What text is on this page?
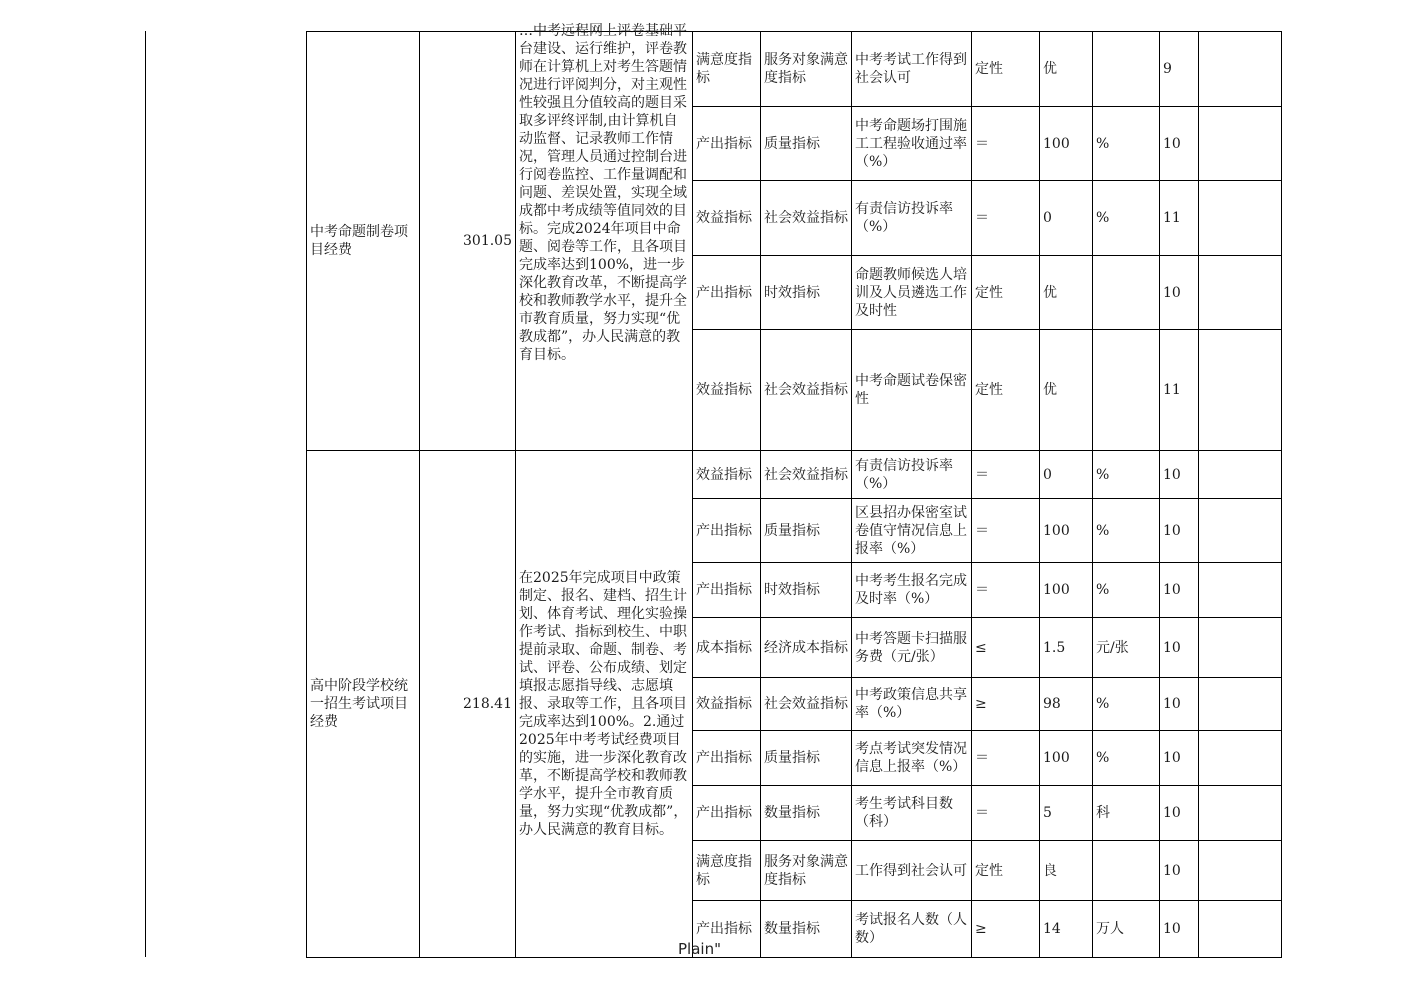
中考命题制卷项目经费	301.05	…中考远程网上评卷基础平台建设、运行维护，评卷教师在计算机上对考生答题情况进行评阅判分，对主观性性较强且分值较高的题目采取多评终评制,由计算机自动监督、记录教师工作情况，管理人员通过控制台进行阅卷监控、工作量调配和问题、差误处置，实现全域成都中考成绩等值同效的目标。完成2024年项目中命题、阅卷等工作，且各项目完成率达到100%，进一步深化教育改革，不断提高学校和教师教学水平，提升全市教育质量，努力实现“优教成都”，办人民满意的教育目标。	满意度指标	服务对象满意度指标	中考考试工作得到社会认可	定性	优		9	
			产出指标	质量指标	中考命题场打围施工工程验收通过率（%）	＝	100	%	10	
			效益指标	社会效益指标	有责信访投诉率（%）	＝	0	%	11	
			产出指标	时效指标	命题教师候选人培训及人员遴选工作及时性	定性	优		10	
			效益指标	社会效益指标	中考命题试卷保密性	定性	优		11	
高中阶段学校统一招生考试项目经费	218.41	在2025年完成项目中政策制定、报名、建档、招生计划、体育考试、理化实验操作考试、指标到校生、中职提前录取、命题、制卷、考试、评卷、公布成绩、划定填报志愿指导线、志愿填报、录取等工作，且各项目完成率达到100%。2.通过2025年中考考试经费项目的实施，进一步深化教育改革，不断提高学校和教师教学水平，提升全市教育质量，努力实现“优教成都”，办人民满意的教育目标。	效益指标	社会效益指标	有责信访投诉率（%）	＝	0	%	10	
			产出指标	质量指标	区县招办保密室试卷值守情况信息上报率（%）	＝	100	%	10	
			产出指标	时效指标	中考考生报名完成及时率（%）	＝	100	%	10	
			成本指标	经济成本指标	中考答题卡扫描服务费（元/张）	≤	1.5	元/张	10	
			效益指标	社会效益指标	中考政策信息共享率（%）	≥	98	%	10	
			产出指标	质量指标	考点考试突发情况信息上报率（%）	＝	100	%	10	
			产出指标	数量指标	考生考试科目数（科）	＝	5	科	10	
			满意度指标	服务对象满意度指标	工作得到社会认可	定性	良		10	
			产出指标	数量指标	考试报名人数（人数）	≥	14	万人	10	
Plain"
